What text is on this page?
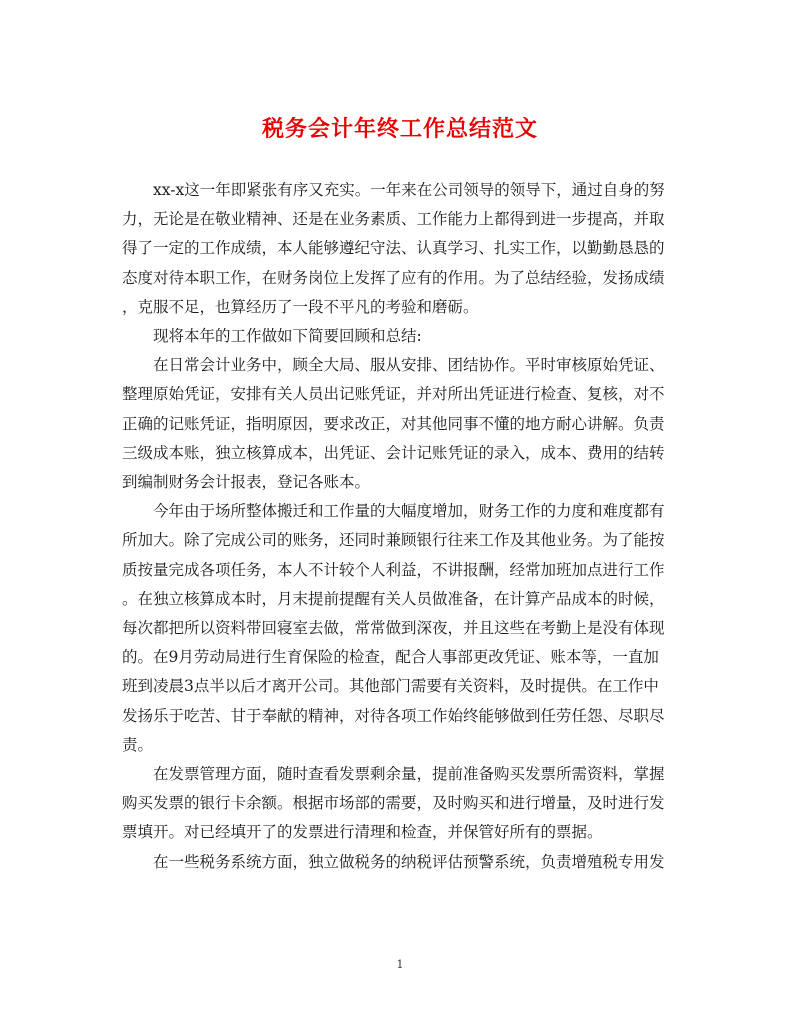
税务会计年终工作总结范文

xx-x这一年即紧张有序又充实。一年来在公司领导的领导下，通过自身的努
力，无论是在敬业精神、还是在业务素质、工作能力上都得到进一步提高，并取
得了一定的工作成绩，本人能够遵纪守法、认真学习、扎实工作，以勤勤恳恳的
态度对待本职工作，在财务岗位上发挥了应有的作用。为了总结经验，发扬成绩
，克服不足，也算经历了一段不平凡的考验和磨砺。

现将本年的工作做如下简要回顾和总结:

在日常会计业务中，顾全大局、服从安排、团结协作。平时审核原始凭证、
整理原始凭证，安排有关人员出记账凭证，并对所出凭证进行检查、复核，对不
正确的记账凭证，指明原因，要求改正，对其他同事不懂的地方耐心讲解。负责
三级成本账，独立核算成本，出凭证、会计记账凭证的录入，成本、费用的结转
到编制财务会计报表，登记各账本。

今年由于场所整体搬迁和工作量的大幅度增加，财务工作的力度和难度都有
所加大。除了完成公司的账务，还同时兼顾银行往来工作及其他业务。为了能按
质按量完成各项任务，本人不计较个人利益，不讲报酬，经常加班加点进行工作
。在独立核算成本时，月末提前提醒有关人员做准备，在计算产品成本的时候，
每次都把所以资料带回寝室去做，常常做到深夜，并且这些在考勤上是没有体现
的。在9月劳动局进行生育保险的检查，配合人事部更改凭证、账本等，一直加
班到凌晨3点半以后才离开公司。其他部门需要有关资料，及时提供。在工作中
发扬乐于吃苦、甘于奉献的精神，对待各项工作始终能够做到任劳任怨、尽职尽
责。

在发票管理方面，随时查看发票剩余量，提前准备购买发票所需资料，掌握
购买发票的银行卡余额。根据市场部的需要，及时购买和进行增量，及时进行发
票填开。对已经填开了的发票进行清理和检查，并保管好所有的票据。

在一些税务系统方面，独立做税务的纳税评估预警系统，负责增殖税专用发

1
